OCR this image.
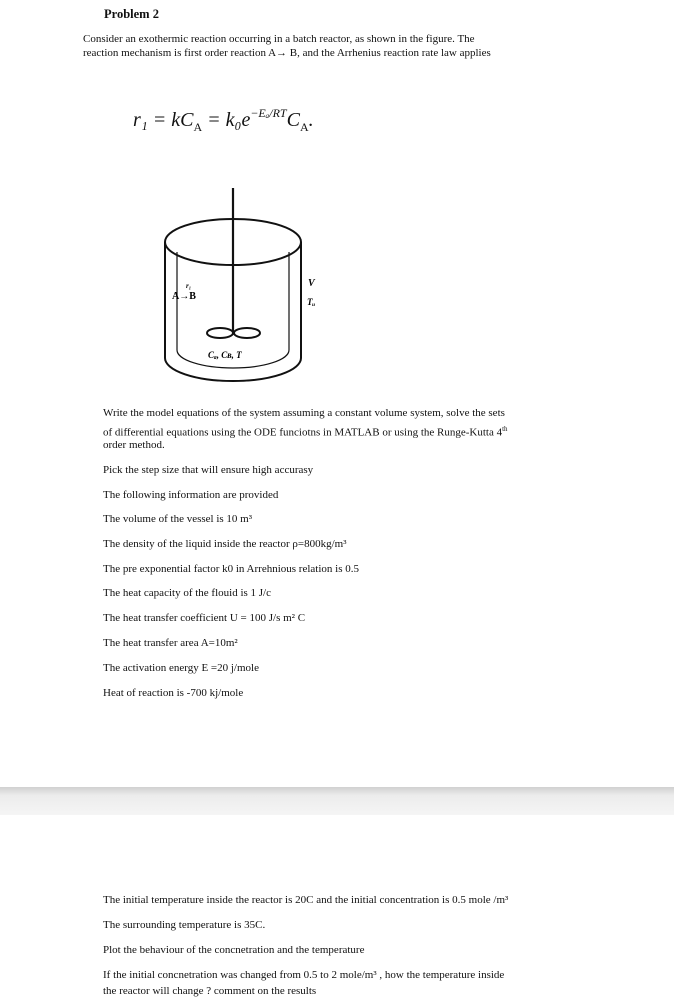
Problem 2
Consider an exothermic reaction occurring in a batch reactor, as shown in the figure. The
reaction mechanism is first order reaction A→ B, and the Arrhenius reaction rate law applies
$r_1 = kC_A = k_0e^{-E_a/RT}C_A$.
r₁
A→B
V
Tᵤ
Cₐ, Cʙ, T
Write the model equations of the system assuming a constant volume system, solve the sets
of differential equations using the ODE funciotns in MATLAB or using the Runge-Kutta 4th
order method.
Pick the step size that will ensure high accurasy
The following information are provided
The volume of the vessel is 10 m³
The density of the liquid inside the reactor ρ=800kg/m³
The pre exponential factor k0 in Arrehnious relation is 0.5
The heat capacity of the flouid is 1 J/c
The heat transfer coefficient U = 100 J/s m² C
The heat transfer area A=10m²
The activation energy E =20 j/mole
Heat of reaction is -700 kj/mole
The initial temperature inside the reactor is 20C and the initial concentration is 0.5 mole /m³
The surrounding temperature is 35C.
Plot the behaviour of the concnetration and the temperature
If the initial concnetration was changed from 0.5 to 2 mole/m³ , how the temperature inside
the reactor will change ? comment on the results
